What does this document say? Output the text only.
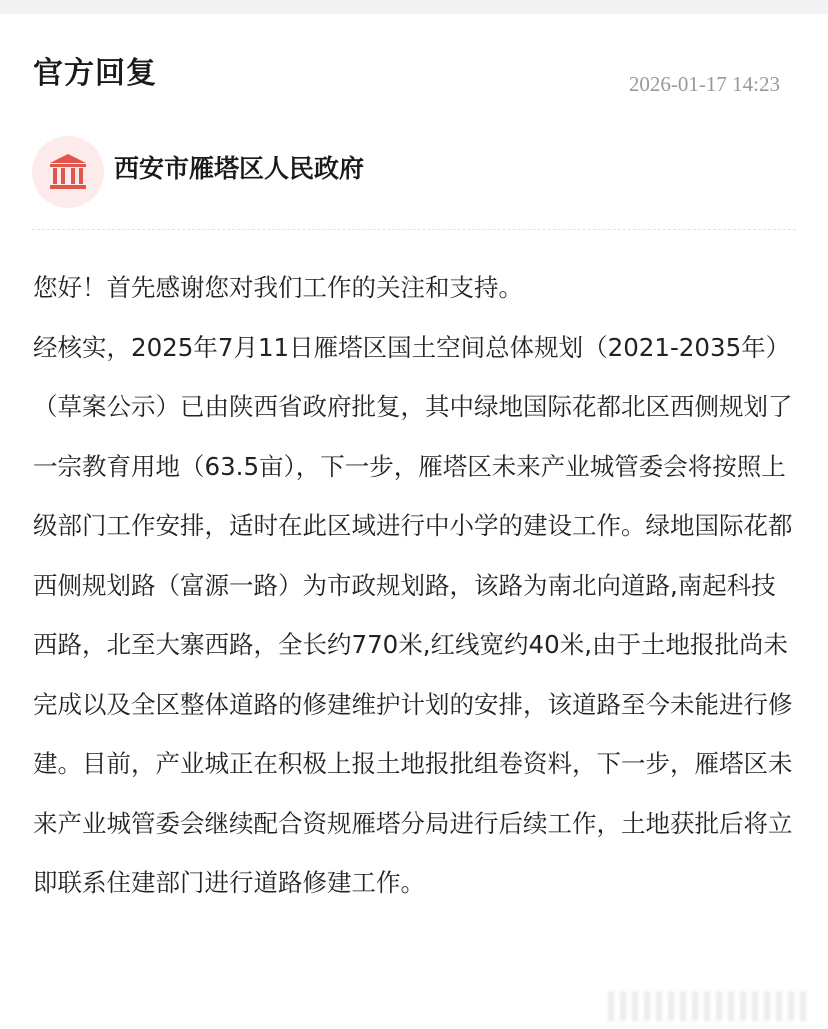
官方回复	2026-01-17 14:23
西安市雁塔区人民政府

您好！首先感谢您对我们工作的关注和支持。

经核实，2025年7月11日雁塔区国土空间总体规划（2021-2035年）（草案公示）已由陕西省政府批复，其中绿地国际花都北区西侧规划了一宗教育用地（63.5亩），下一步，雁塔区未来产业城管委会将按照上级部门工作安排，适时在此区域进行中小学的建设工作。绿地国际花都西侧规划路（富源一路）为市政规划路，该路为南北向道路,南起科技西路，北至大寨西路，全长约770米,红线宽约40米,由于土地报批尚未完成以及全区整体道路的修建维护计划的安排，该道路至今未能进行修建。目前，产业城正在积极上报土地报批组卷资料，下一步，雁塔区未来产业城管委会继续配合资规雁塔分局进行后续工作，土地获批后将立即联系住建部门进行道路修建工作。
